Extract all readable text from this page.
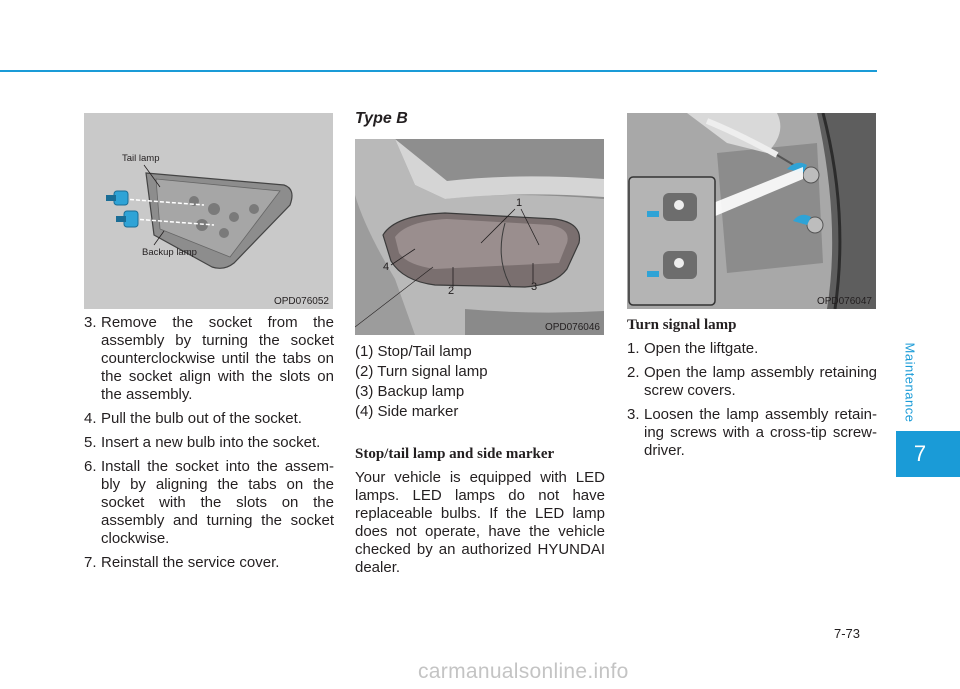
Maintenance
7
Tail lamp
Backup lamp
OPD076052
1
2	3
4
OPD076046
OPD076047
3. Remove the socket from the assembly by turning the socket counterclockwise until the tabs on the socket align with the slots on the assembly.
4. Pull the bulb out of the socket.
5. Insert a new bulb into the socket.
6. Install the socket into the assem-bly by aligning the tabs on the socket with the slots on the assembly and turning the socket clockwise.
7. Reinstall the service cover.
Type B
(1) Stop/Tail lamp
(2) Turn signal lamp
(3) Backup lamp
(4) Side marker
Stop/tail lamp and side marker

Your vehicle is equipped with LED lamps. LED lamps do not have replaceable bulbs. If the LED lamp does not operate, have the vehicle checked by an authorized HYUNDAI dealer.

Turn signal lamp
1. Open the liftgate.
2. Open the lamp assembly retaining screw covers.
3. Loosen the lamp assembly retain-ing screws with a cross-tip screw-driver.
7-73
carmanualsonline.info
